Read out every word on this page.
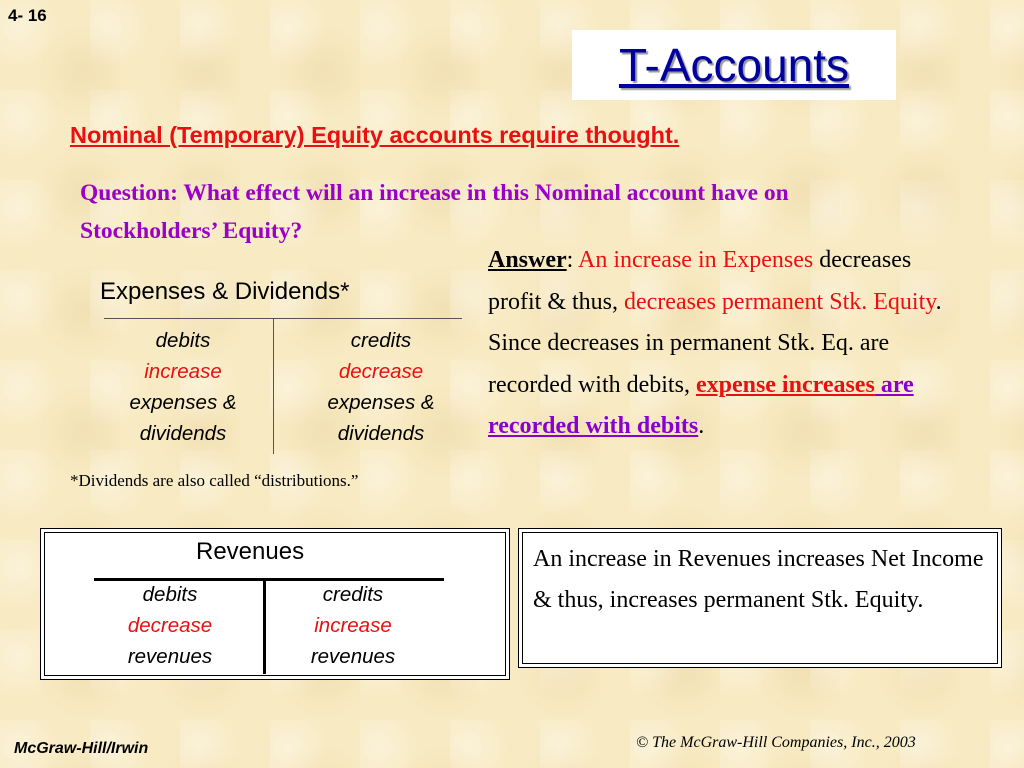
4- 16
T-Accounts
Nominal (Temporary) Equity accounts require thought.
Question: What effect will an increase in this Nominal account have on Stockholders’ Equity?
Answer: An increase in Expenses decreases profit & thus, decreases permanent Stk. Equity. Since decreases in permanent Stk. Eq. are recorded with debits, expense increases are recorded with debits.
Expenses & Dividends*
debits
increase
expenses &
dividends
credits
decrease
expenses &
dividends
*Dividends are also called “distributions.”
Revenues
debits
decrease
revenues
credits
increase
revenues
An increase in Revenues increases Net Income & thus, increases permanent Stk. Equity.
McGraw-Hill/Irwin	© The McGraw-Hill Companies, Inc., 2003
